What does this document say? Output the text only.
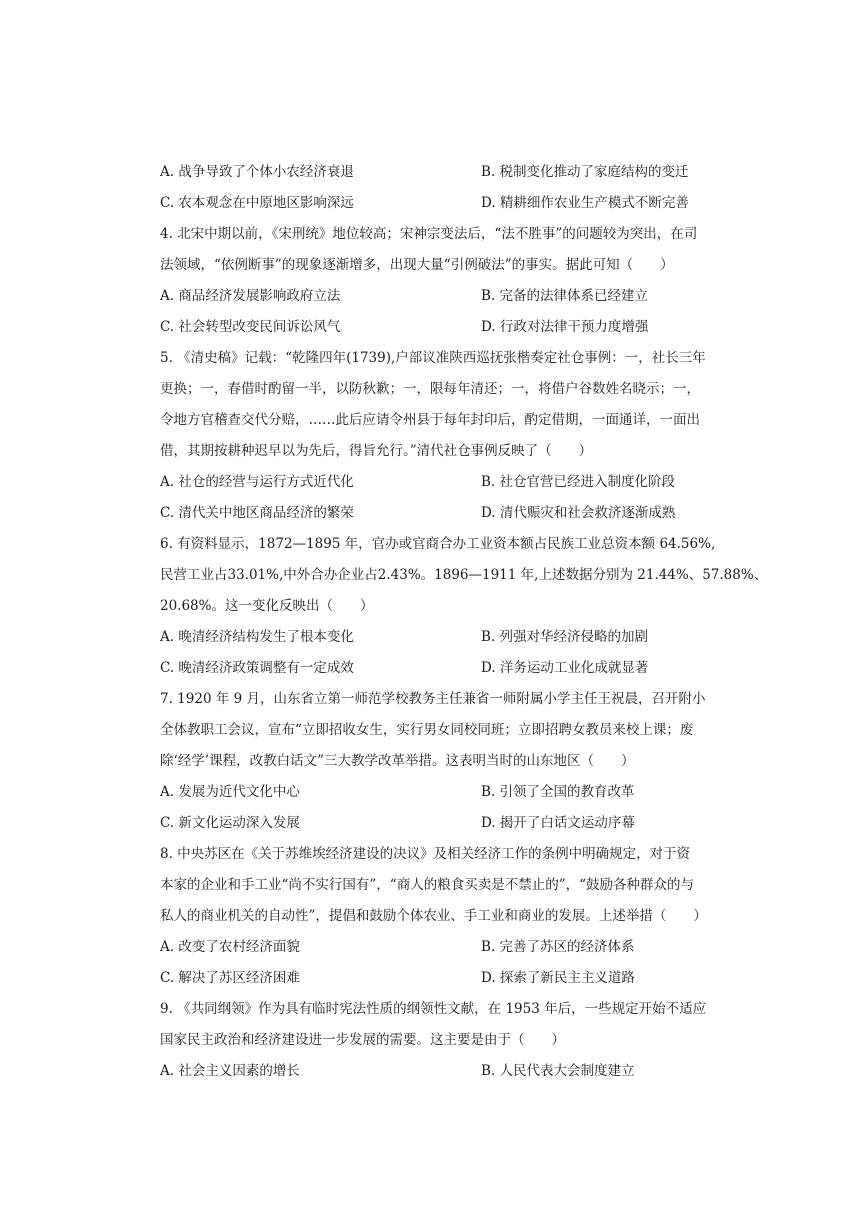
A. 战争导致了个体小农经济衰退	B. 税制变化推动了家庭结构的变迁
C. 农本观念在中原地区影响深远	D. 精耕细作农业生产模式不断完善
4. 北宋中期以前，《宋刑统》地位较高；宋神宗变法后，“法不胜事”的问题较为突出，在司
法领域，“依例断事”的现象逐渐增多，出现大量“引例破法”的事实。据此可知（　　）
A. 商品经济发展影响政府立法	B. 完备的法律体系已经建立
C. 社会转型改变民间诉讼风气	D. 行政对法律干预力度增强
5. 《清史稿》记载：“乾隆四年(1739),户部议准陕西巡抚张楷奏定社仓事例：一，社长三年
更换；一，春借时酌留一半，以防秋歉；一，限每年清还；一，将借户谷数姓名晓示；一，
令地方官稽查交代分赔，……此后应请令州县于每年封印后，酌定借期，一面通详，一面出
借，其期按耕种迟早以为先后，得旨允行。”清代社仓事例反映了（　　）
A. 社仓的经营与运行方式近代化	B. 社仓官营已经进入制度化阶段
C. 清代关中地区商品经济的繁荣	D. 清代赈灾和社会救济逐渐成熟
6. 有资料显示，1872—1895 年，官办或官商合办工业资本额占民族工业总资本额 64.56%,
民营工业占33.01%,中外合办企业占2.43%。1896—1911 年,上述数据分别为 21.44%、57.88%、
20.68%。这一变化反映出（　　）
A. 晚清经济结构发生了根本变化	B. 列强对华经济侵略的加剧
C. 晚清经济政策调整有一定成效	D. 洋务运动工业化成就显著
7. 1920 年 9 月，山东省立第一师范学校教务主任兼省一师附属小学主任王祝晨，召开附小
全体教职工会议，宣布“立即招收女生，实行男女同校同班；立即招聘女教员来校上课；废
除‘经学’课程，改教白话文”三大教学改革举措。这表明当时的山东地区（　　）
A. 发展为近代文化中心	B. 引领了全国的教育改革
C. 新文化运动深入发展	D. 揭开了白话文运动序幕
8. 中央苏区在《关于苏维埃经济建设的决议》及相关经济工作的条例中明确规定，对于资
本家的企业和手工业“尚不实行国有”，“商人的粮食买卖是不禁止的”，“鼓励各种群众的与
私人的商业机关的自动性”，提倡和鼓励个体农业、手工业和商业的发展。上述举措（　　）
A. 改变了农村经济面貌	B. 完善了苏区的经济体系
C. 解决了苏区经济困难	D. 探索了新民主主义道路
9. 《共同纲领》作为具有临时宪法性质的纲领性文献，在 1953 年后，一些规定开始不适应
国家民主政治和经济建设进一步发展的需要。这主要是由于（　　）
A. 社会主义因素的增长	B. 人民代表大会制度建立
